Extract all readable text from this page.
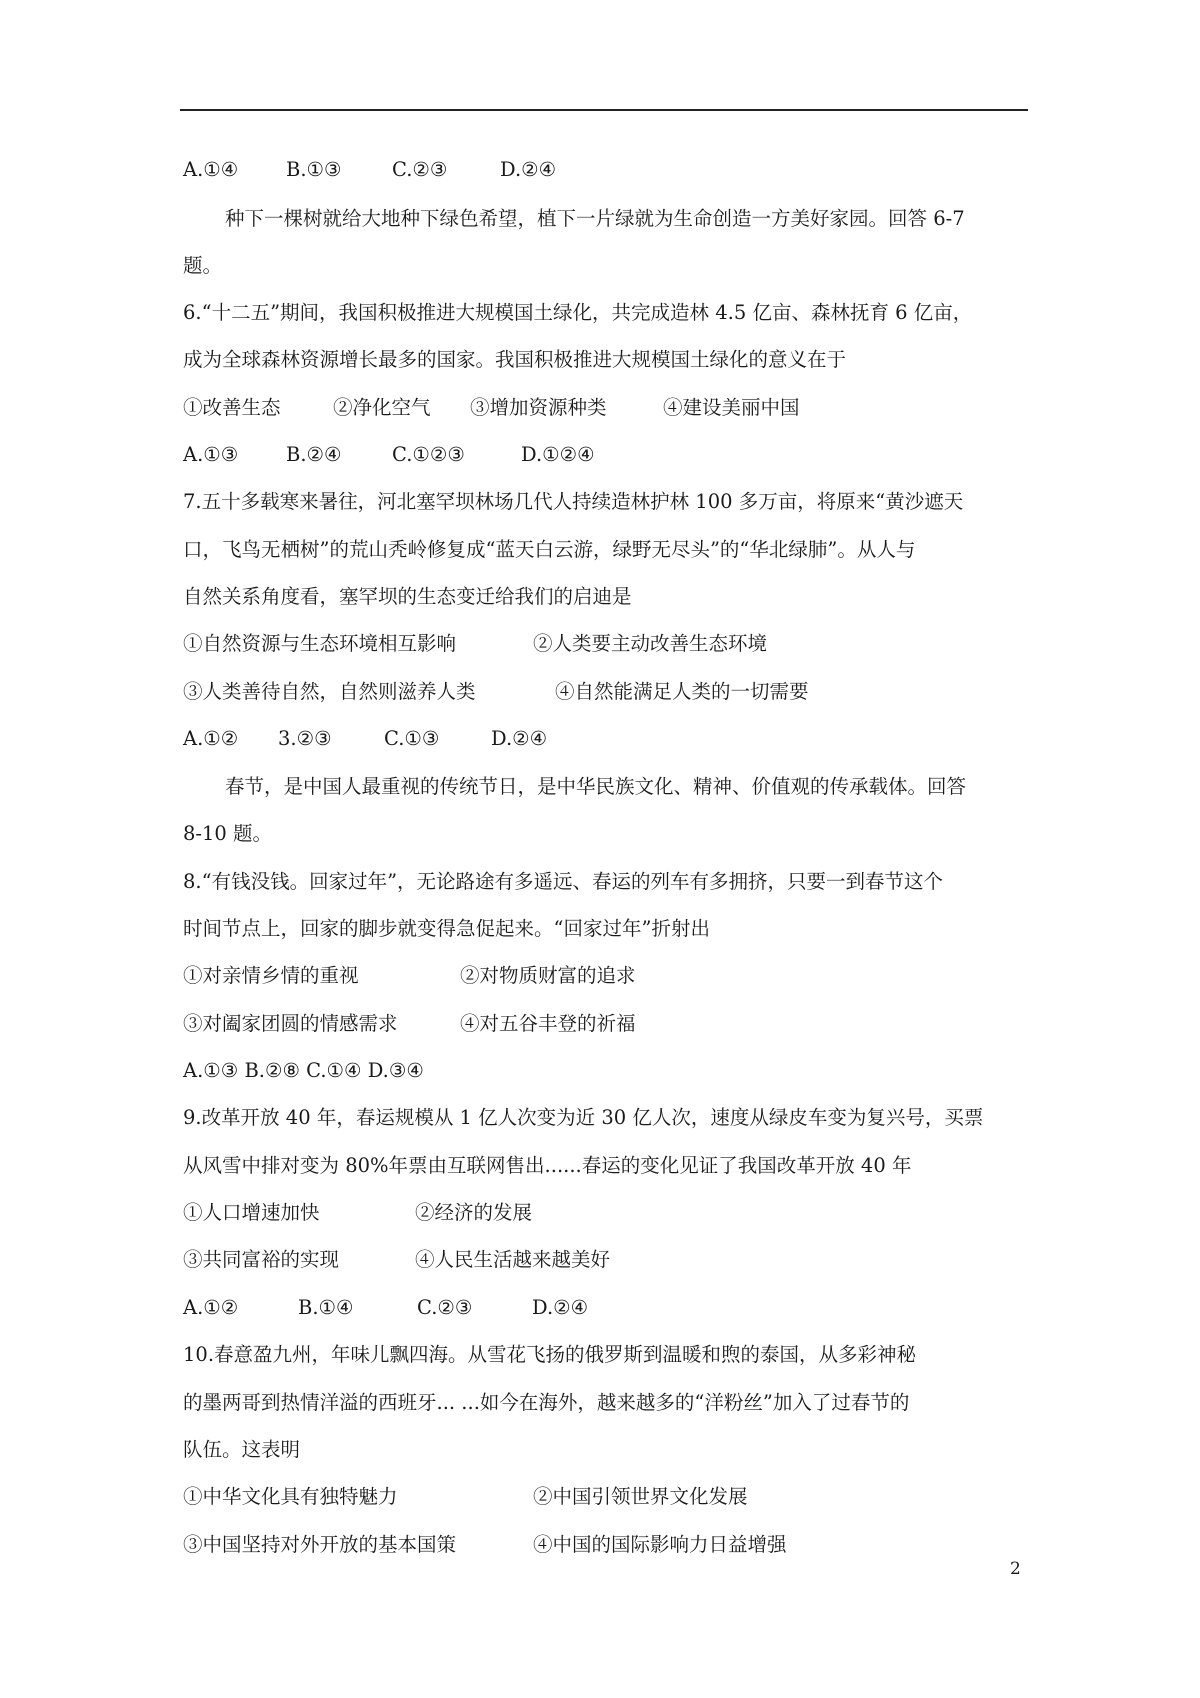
A.①④ B.①③	C.②③	D.②④
种下一棵树就给大地种下绿色希望，植下一片绿就为生命创造一方美好家园。回答 6-7
题。
6.“十二五”期间，我国积极推进大规模国土绿化，共完成造林 4.5 亿亩、森林抚育 6 亿亩，
成为全球森林资源增长最多的国家。我国积极推进大规模国土绿化的意义在于
①改善生态	②净化空气 ③增加资源种类	④建设美丽中国
A.①③ B.②④	C.①②③	D.①②④
7.五十多载寒来暑往，河北塞罕坝林场几代人持续造林护林 100 多万亩，将原来“黄沙遮天
口，飞鸟无栖树”的荒山秃岭修复成“蓝天白云游，绿野无尽头”的“华北绿肺”。从人与
自然关系角度看，塞罕坝的生态变迁给我们的启迪是
①自然资源与生态环境相互影响	②人类要主动改善生态环境
③人类善待自然，自然则滋养人类	④自然能满足人类的一切需要
A.①② 3.②③	C.①③	D.②④
春节，是中国人最重视的传统节日，是中华民族文化、精神、价值观的传承载体。回答
8-10 题。
8.“有钱没钱。回家过年”，无论路途有多遥远、春运的列车有多拥挤，只要一到春节这个
时间节点上，回家的脚步就变得急促起来。“回家过年”折射出
①对亲情乡情的重视	②对物质财富的追求
③对阖家团圆的情感需求	④对五谷丰登的祈福
A.①③ B.②⑧ C.①④ D.③④
9.改革开放 40 年，春运规模从 1 亿人次变为近 30 亿人次，速度从绿皮车变为复兴号，买票
从风雪中排对变为 80%年票由互联网售出......春运的变化见证了我国改革开放 40 年
①人口增速加快	②经济的发展
③共同富裕的实现	④人民生活越来越美好
A.①②	B.①④	C.②③	D.②④
10.春意盈九州，年味儿飘四海。从雪花飞扬的俄罗斯到温暖和煦的泰国，从多彩神秘
的墨两哥到热情洋溢的西班牙... ...如今在海外，越来越多的“洋粉丝”加入了过春节的
队伍。这表明
①中华文化具有独特魅力	②中国引领世界文化发展
③中国坚持对外开放的基本国策	④中国的国际影响力日益增强
2
